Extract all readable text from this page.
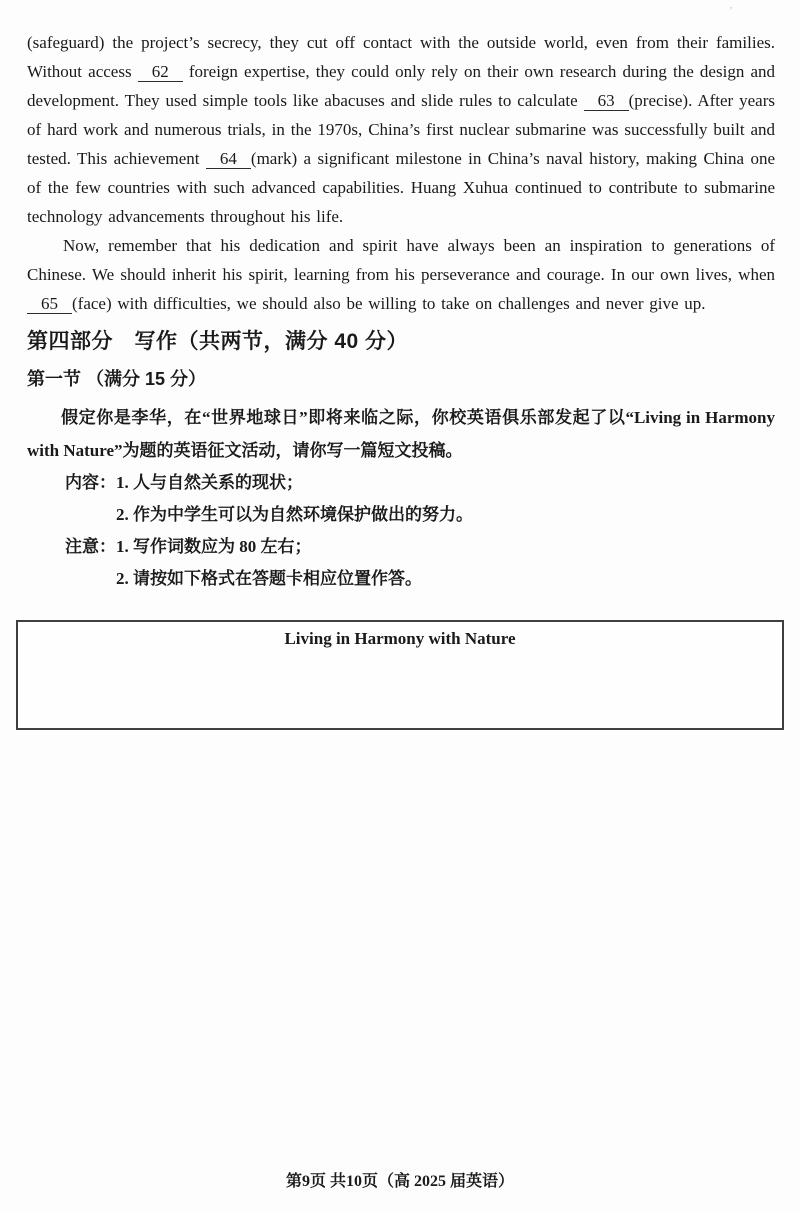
ʹ

(safeguard) the project’s secrecy, they cut off contact with the outside world, even from their families. Without access 62 foreign expertise, they could only rely on their own research during the design and development. They used simple tools like abacuses and slide rules to calculate 63 (precise). After years of hard work and numerous trials, in the 1970s, China’s first nuclear submarine was successfully built and tested. This achievement 64 (mark) a significant milestone in China’s naval history, making China one of the few countries with such advanced capabilities. Huang Xuhua continued to contribute to submarine technology advancements throughout his life.

Now, remember that his dedication and spirit have always been an inspiration to generations of Chinese. We should inherit his spirit, learning from his perseverance and courage. In our own lives, when 65 (face) with difficulties, we should also be willing to take on challenges and never give up.

第四部分　写作（共两节，满分 40 分）
第一节 （满分 15 分）

假定你是李华，在“世界地球日”即将来临之际，你校英语俱乐部发起了以“Living in Harmony with Nature”为题的英语征文活动，请你写一篇短文投稿。

内容： 1. 人与自然关系的现状；
2. 作为中学生可以为自然环境保护做出的努力。
注意： 1. 写作词数应为 80 左右；
2. 请按如下格式在答题卡相应位置作答。
Living in Harmony with Nature
第9页 共10页（高 2025 届英语）
